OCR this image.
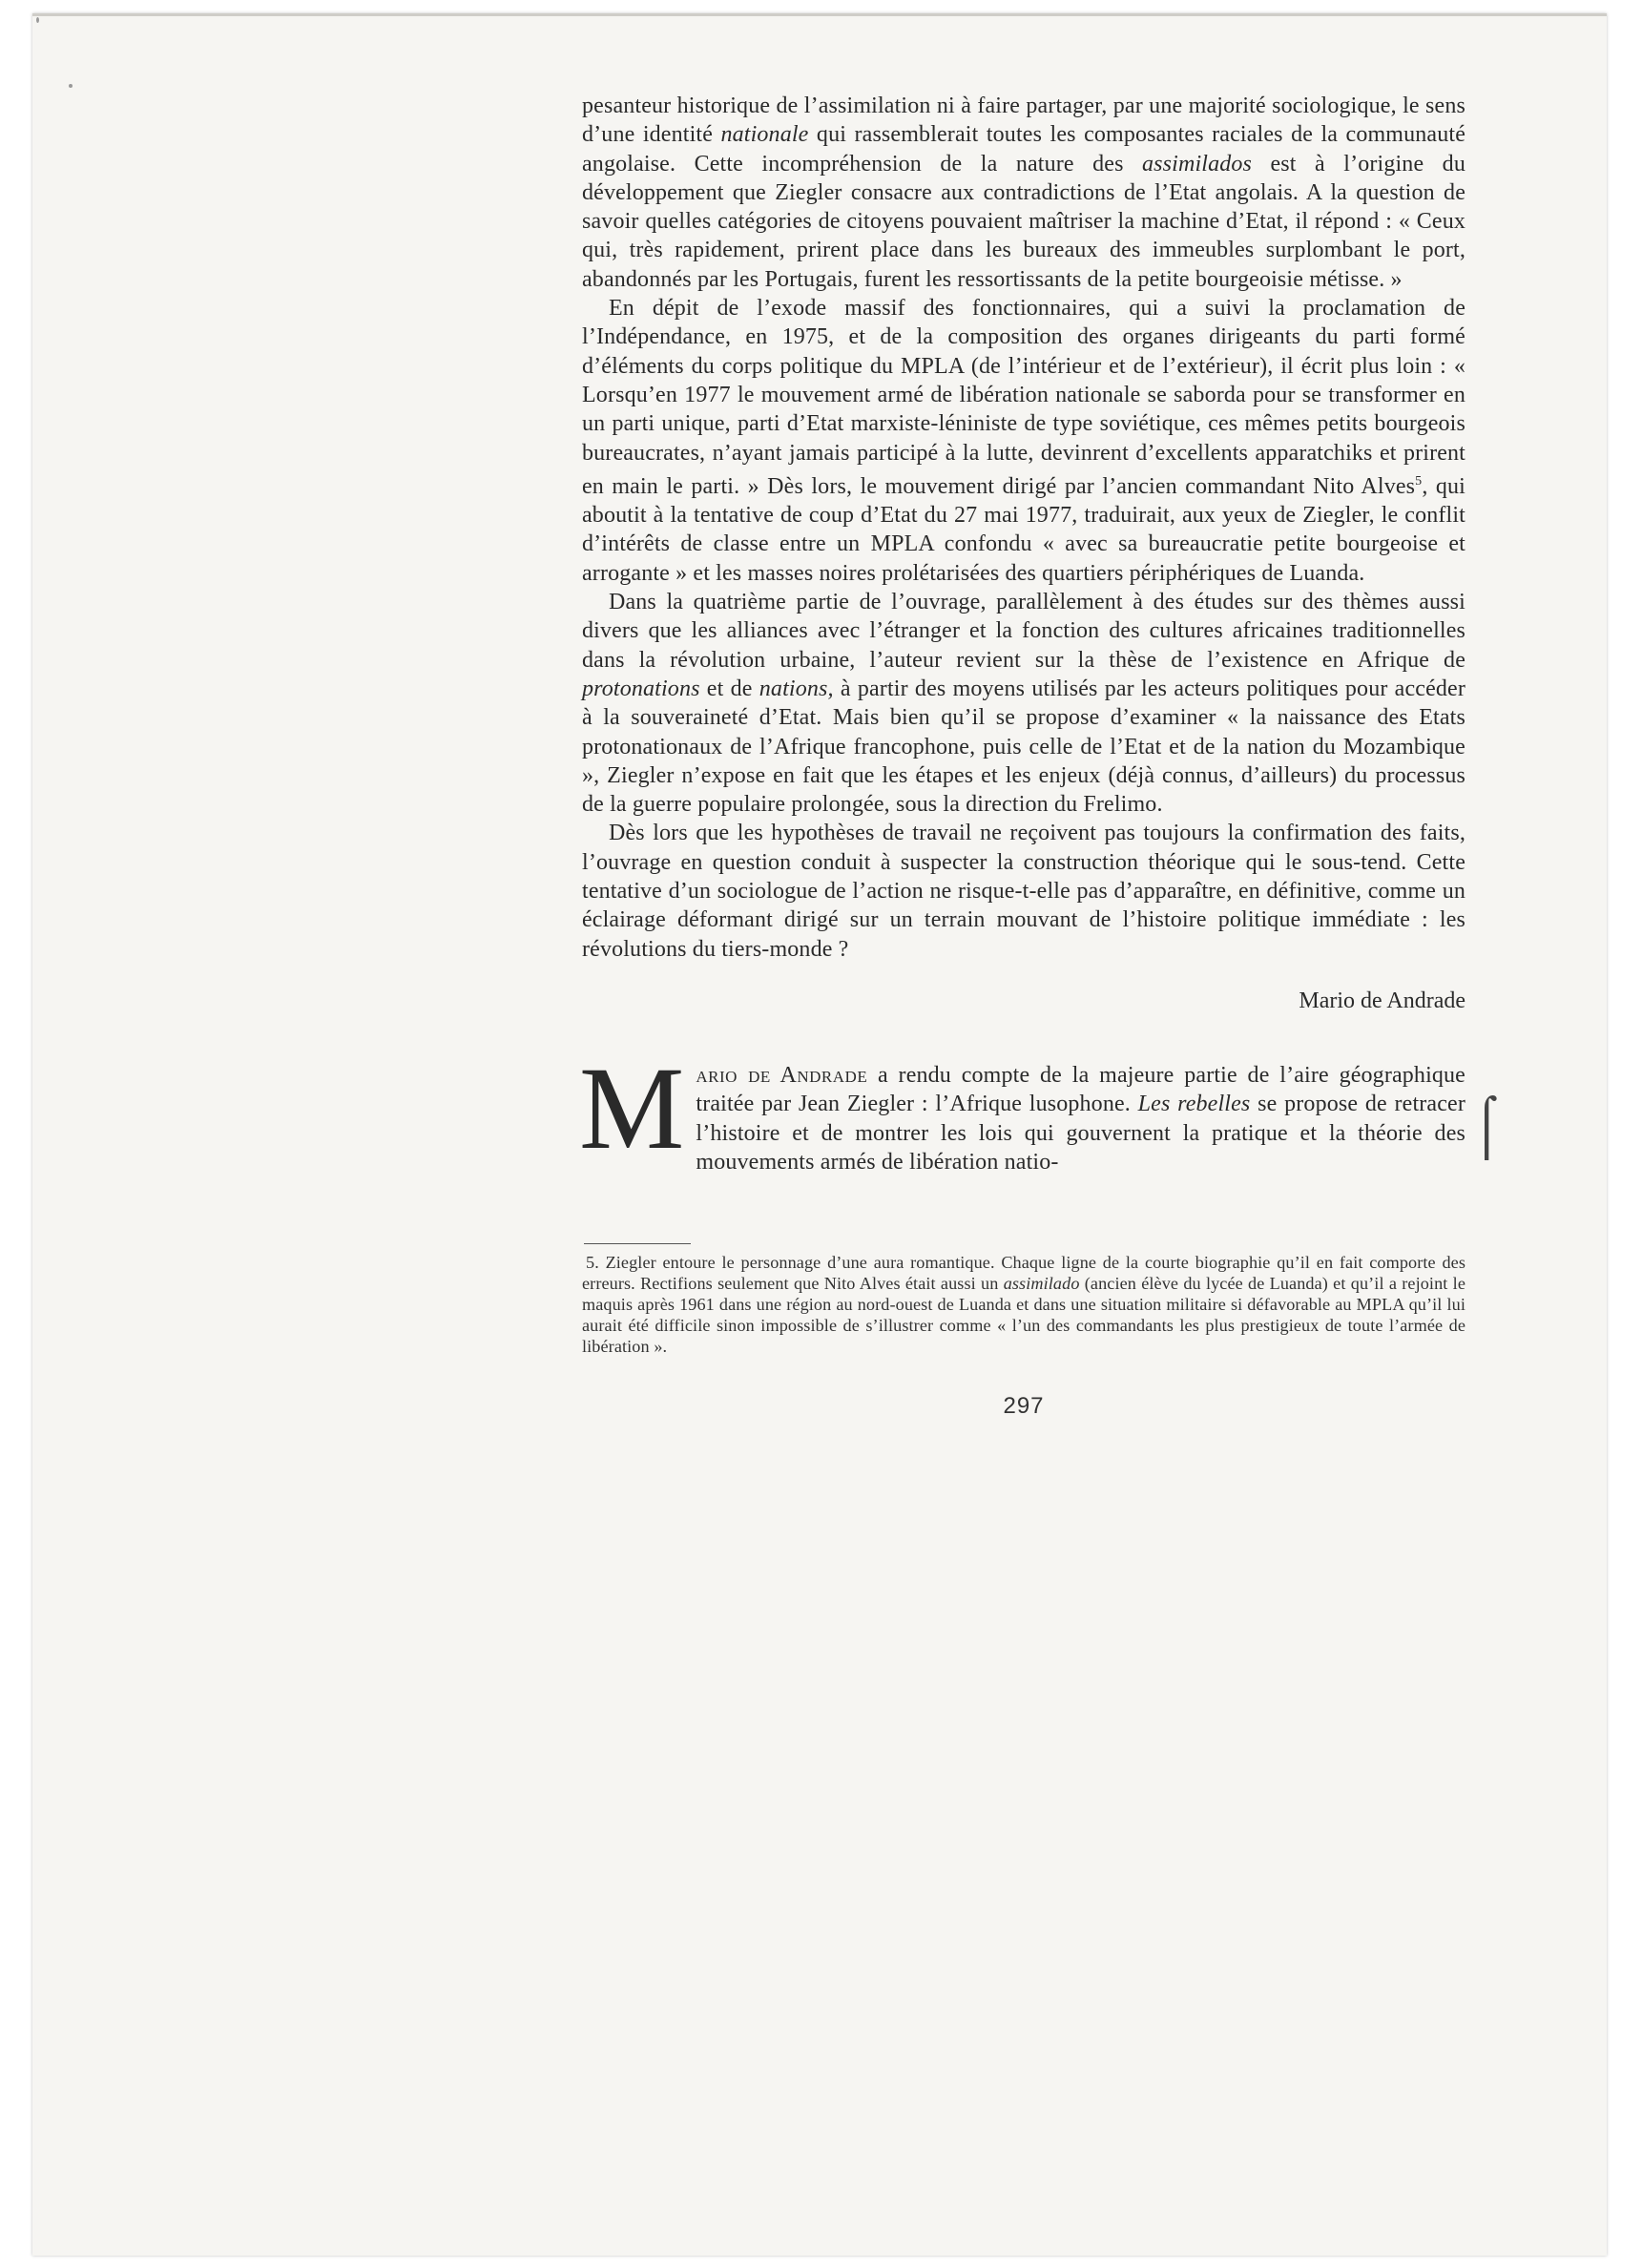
pesanteur historique de l’assimilation ni à faire partager, par une majorité sociologique, le sens d’une identité nationale qui rassemblerait toutes les composantes raciales de la communauté angolaise. Cette incompréhension de la nature des assimilados est à l’origine du développement que Ziegler consacre aux contradictions de l’Etat angolais. A la question de savoir quelles catégories de citoyens pouvaient maîtriser la machine d’Etat, il répond : « Ceux qui, très rapidement, prirent place dans les bureaux des immeubles surplombant le port, abandonnés par les Portugais, furent les ressortissants de la petite bourgeoisie métisse. »

En dépit de l’exode massif des fonctionnaires, qui a suivi la proclamation de l’Indépendance, en 1975, et de la composition des organes dirigeants du parti formé d’éléments du corps politique du MPLA (de l’intérieur et de l’extérieur), il écrit plus loin : « Lorsqu’en 1977 le mouvement armé de libération nationale se saborda pour se transformer en un parti unique, parti d’Etat marxiste-léniniste de type soviétique, ces mêmes petits bourgeois bureaucrates, n’ayant jamais participé à la lutte, devinrent d’excellents apparatchiks et prirent en main le parti. » Dès lors, le mouvement dirigé par l’ancien commandant Nito Alves$^5$, qui aboutit à la tentative de coup d’Etat du 27 mai 1977, traduirait, aux yeux de Ziegler, le conflit d’intérêts de classe entre un MPLA confondu « avec sa bureaucratie petite bourgeoise et arrogante » et les masses noires prolétarisées des quartiers périphériques de Luanda.

Dans la quatrième partie de l’ouvrage, parallèlement à des études sur des thèmes aussi divers que les alliances avec l’étranger et la fonction des cultures africaines traditionnelles dans la révolution urbaine, l’auteur revient sur la thèse de l’existence en Afrique de protonations et de nations, à partir des moyens utilisés par les acteurs politiques pour accéder à la souveraineté d’Etat. Mais bien qu’il se propose d’examiner « la naissance des Etats protonationaux de l’Afrique francophone, puis celle de l’Etat et de la nation du Mozambique », Ziegler n’expose en fait que les étapes et les enjeux (déjà connus, d’ailleurs) du processus de la guerre populaire prolongée, sous la direction du Frelimo.

Dès lors que les hypothèses de travail ne reçoivent pas toujours la confirmation des faits, l’ouvrage en question conduit à suspecter la construction théorique qui le sous-tend. Cette tentative d’un sociologue de l’action ne risque-t-elle pas d’apparaître, en définitive, comme un éclairage déformant dirigé sur un terrain mouvant de l’histoire politique immédiate : les révolutions du tiers-monde ?

Mario de Andrade

Mario de Andrade a rendu compte de la majeure partie de l’aire géographique traitée par Jean Ziegler : l’Afrique lusophone. Les rebelles se propose de retracer l’histoire et de montrer les lois qui gouvernent la pratique et la théorie des mouvements armés de libération natio-

5. Ziegler entoure le personnage d’une aura romantique. Chaque ligne de la courte biographie qu’il en fait comporte des erreurs. Rectifions seulement que Nito Alves était aussi un assimilado (ancien élève du lycée de Luanda) et qu’il a rejoint le maquis après 1961 dans une région au nord-ouest de Luanda et dans une situation militaire si défavorable au MPLA qu’il lui aurait été difficile sinon impossible de s’illustrer comme « l’un des commandants les plus prestigieux de toute l’armée de libération ».

297
⌠
